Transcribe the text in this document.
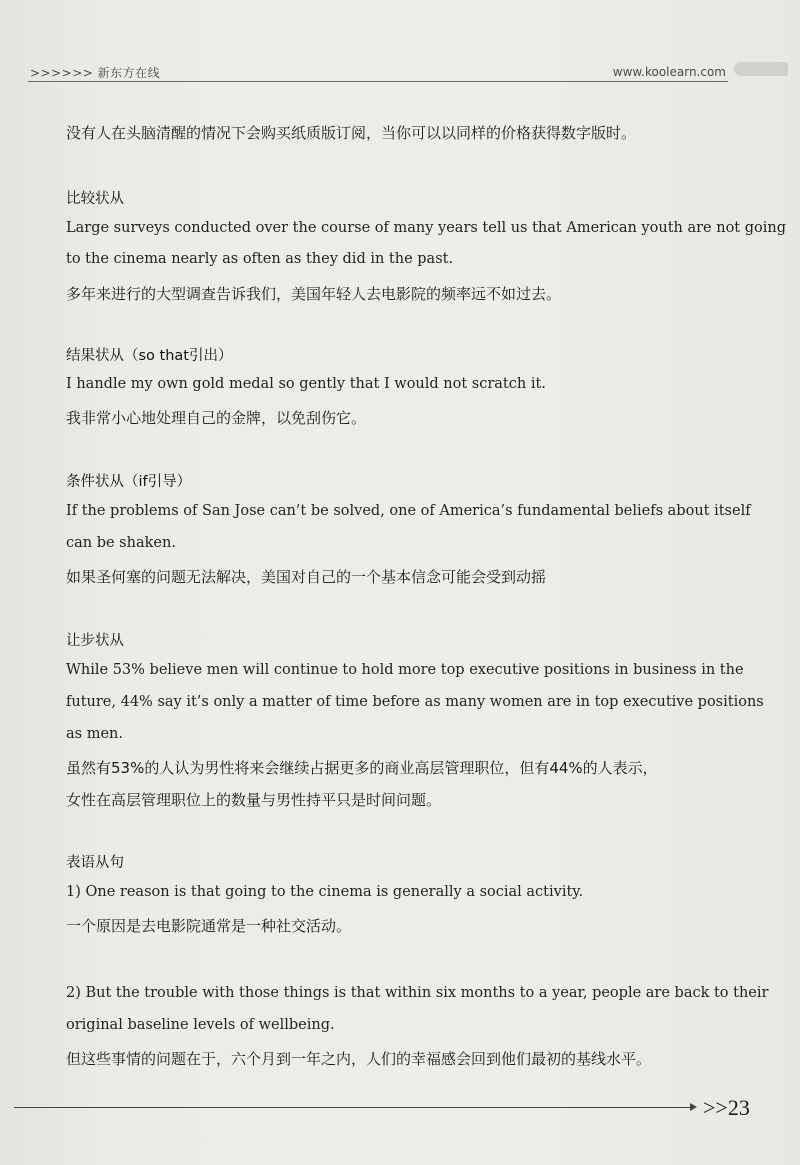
>>>>>> 新东方在线	www.koolearn.com
没有人在头脑清醒的情况下会购买纸质版订阅，当你可以以同样的价格获得数字版时。
比较状从
Large surveys conducted over the course of many years tell us that American youth are not going
to the cinema nearly as often as they did in the past.
多年来进行的大型调查告诉我们，美国年轻人去电影院的频率远不如过去。
结果状从（so that引出）
I handle my own gold medal so gently that I would not scratch it.
我非常小心地处理自己的金牌，以免刮伤它。
条件状从（if引导）
If the problems of San Jose can’t be solved, one of America’s fundamental beliefs about itself
can be shaken.
如果圣何塞的问题无法解决，美国对自己的一个基本信念可能会受到动摇
让步状从
While 53% believe men will continue to hold more top executive positions in business in the
future, 44% say it’s only a matter of time before as many women are in top executive positions
as men.
虽然有53%的人认为男性将来会继续占据更多的商业高层管理职位，但有44%的人表示，
女性在高层管理职位上的数量与男性持平只是时间问题。
表语从句
1) One reason is that going to the cinema is generally a social activity.
一个原因是去电影院通常是一种社交活动。
2) But the trouble with those things is that within six months to a year, people are back to their
original baseline levels of wellbeing.
但这些事情的问题在于，六个月到一年之内，人们的幸福感会回到他们最初的基线水平。
>>23
